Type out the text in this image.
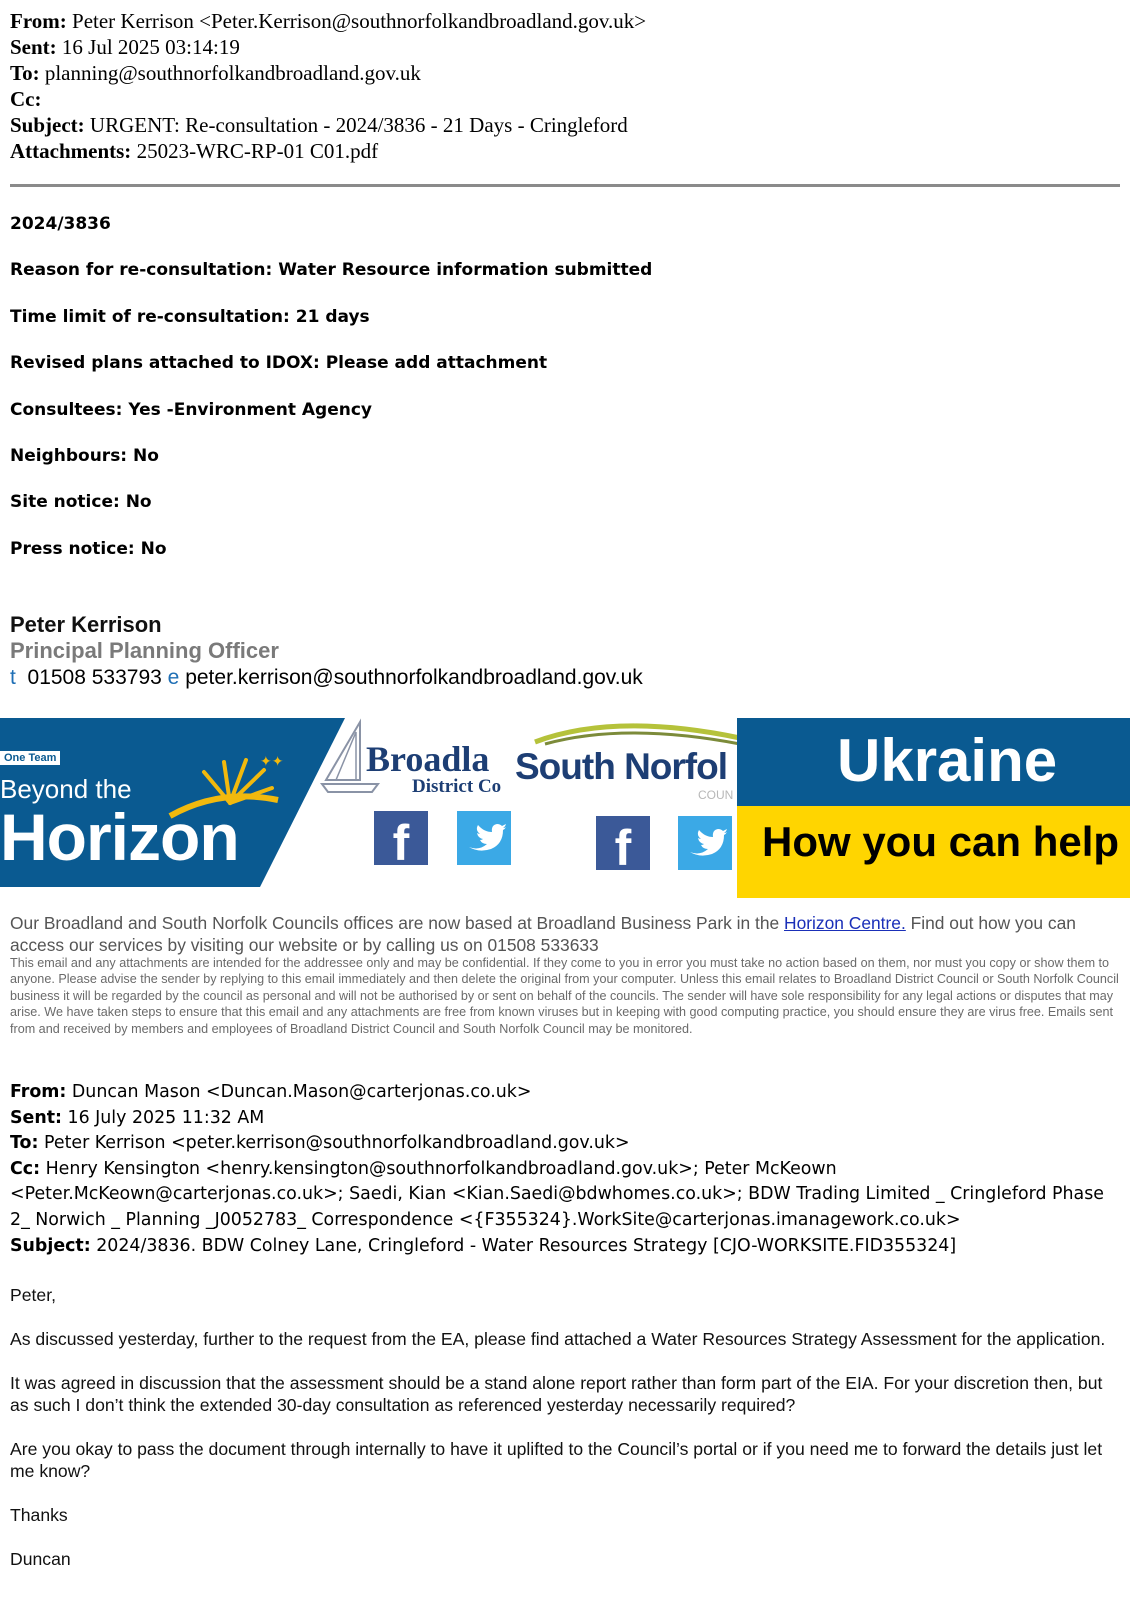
From: Peter Kerrison <Peter.Kerrison@southnorfolkandbroadland.gov.uk>
Sent: 16 Jul 2025 03:14:19
To: planning@southnorfolkandbroadland.gov.uk
Cc:
Subject: URGENT: Re-consultation - 2024/3836 - 21 Days - Cringleford
Attachments: 25023-WRC-RP-01 C01.pdf
2024/3836
Reason for re-consultation: Water Resource information submitted
Time limit of re-consultation: 21 days
Revised plans attached to IDOX: Please add attachment
Consultees: Yes -Environment Agency
Neighbours: No
Site notice: No
Press notice: No
Peter Kerrison
Principal Planning Officer
t 01508 533793 e peter.kerrison@southnorfolkandbroadland.gov.uk
✦✦
One Team
Beyond the
Horizon
Broadla
District Co South Norfol
COUN
f	f
Ukraine
How you can help
Our Broadland and South Norfolk Councils offices are now based at Broadland Business Park in the Horizon Centre. Find out how you can access our services by visiting our website or by calling us on 01508 533633
This email and any attachments are intended for the addressee only and may be confidential. If they come to you in error you must take no action based on them, nor must you copy or show them to anyone. Please advise the sender by replying to this email immediately and then delete the original from your computer. Unless this email relates to Broadland District Council or South Norfolk Council business it will be regarded by the council as personal and will not be authorised by or sent on behalf of the councils. The sender will have sole responsibility for any legal actions or disputes that may arise. We have taken steps to ensure that this email and any attachments are free from known viruses but in keeping with good computing practice, you should ensure they are virus free. Emails sent from and received by members and employees of Broadland District Council and South Norfolk Council may be monitored.
From: Duncan Mason <Duncan.Mason@carterjonas.co.uk>
Sent: 16 July 2025 11:32 AM
To: Peter Kerrison <peter.kerrison@southnorfolkandbroadland.gov.uk>
Cc: Henry Kensington <henry.kensington@southnorfolkandbroadland.gov.uk>; Peter McKeown <Peter.McKeown@carterjonas.co.uk>; Saedi, Kian <Kian.Saedi@bdwhomes.co.uk>; BDW Trading Limited _ Cringleford Phase 2_ Norwich _ Planning _J0052783_ Correspondence <{F355324}.WorkSite@carterjonas.imanagework.co.uk>
Subject: 2024/3836. BDW Colney Lane, Cringleford - Water Resources Strategy [CJO-WORKSITE.FID355324]

Peter,

As discussed yesterday, further to the request from the EA, please find attached a Water Resources Strategy Assessment for the application.

It was agreed in discussion that the assessment should be a stand alone report rather than form part of the EIA. For your discretion then, but as such I don’t think the extended 30-day consultation as referenced yesterday necessarily required?

Are you okay to pass the document through internally to have it uplifted to the Council’s portal or if you need me to forward the details just let me know?

Thanks

Duncan
